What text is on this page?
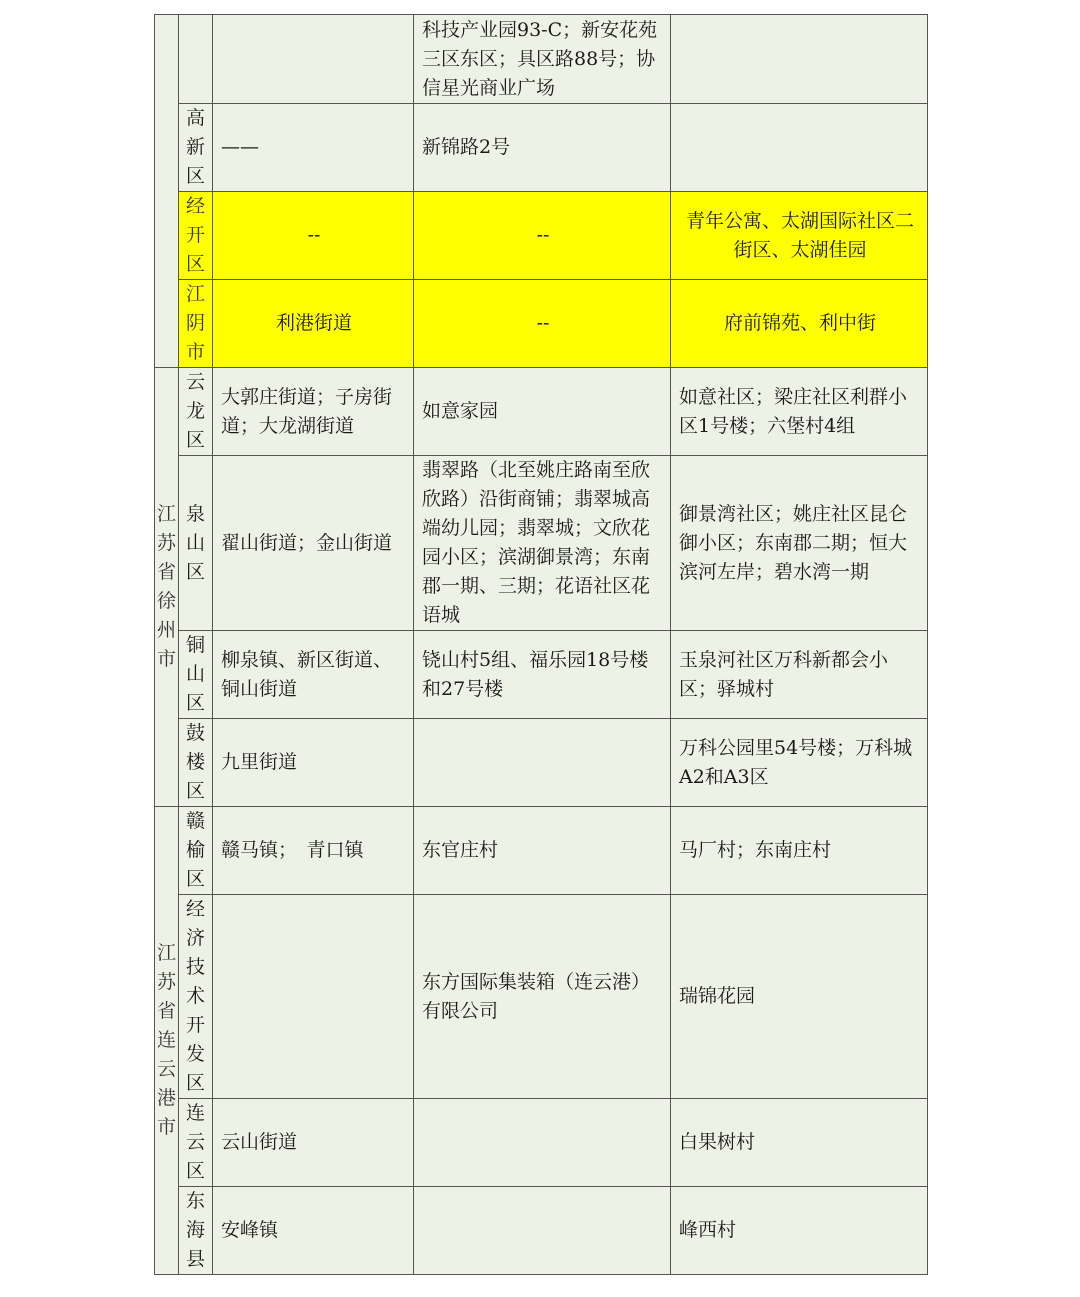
		科技产业园93-C；新安花苑三区东区；具区路88号；协信星光商业广场	

	高新区	——	新锦路2号	

	经开区	--	--	青年公寓、太湖国际社区二街区、太湖佳园

	江阴市	利港街道	--	府前锦苑、利中街

江苏省徐州市	云龙区	大郭庄街道；子房街道；大龙湖街道	如意家园	如意社区；梁庄社区利群小区1号楼；六堡村4组

	泉山区	翟山街道；金山街道	翡翠路（北至姚庄路南至欣欣路）沿街商铺；翡翠城高端幼儿园；翡翠城；文欣花园小区；滨湖御景湾；东南郡一期、三期；花语社区花语城	御景湾社区；姚庄社区昆仑御小区；东南郡二期；恒大滨河左岸；碧水湾一期

	铜山区	柳泉镇、新区街道、铜山街道	铙山村5组、福乐园18号楼和27号楼	玉泉河社区万科新都会小区；驿城村

	鼓楼区	九里街道		万科公园里54号楼；万科城A2和A3区

江苏省连云港市	赣榆区	赣马镇；　青口镇	东官庄村	马厂村；东南庄村

	经济技术开发区		东方国际集装箱（连云港）有限公司	瑞锦花园

	连云区	云山街道		白果树村

	东海县	安峰镇		峰西村
